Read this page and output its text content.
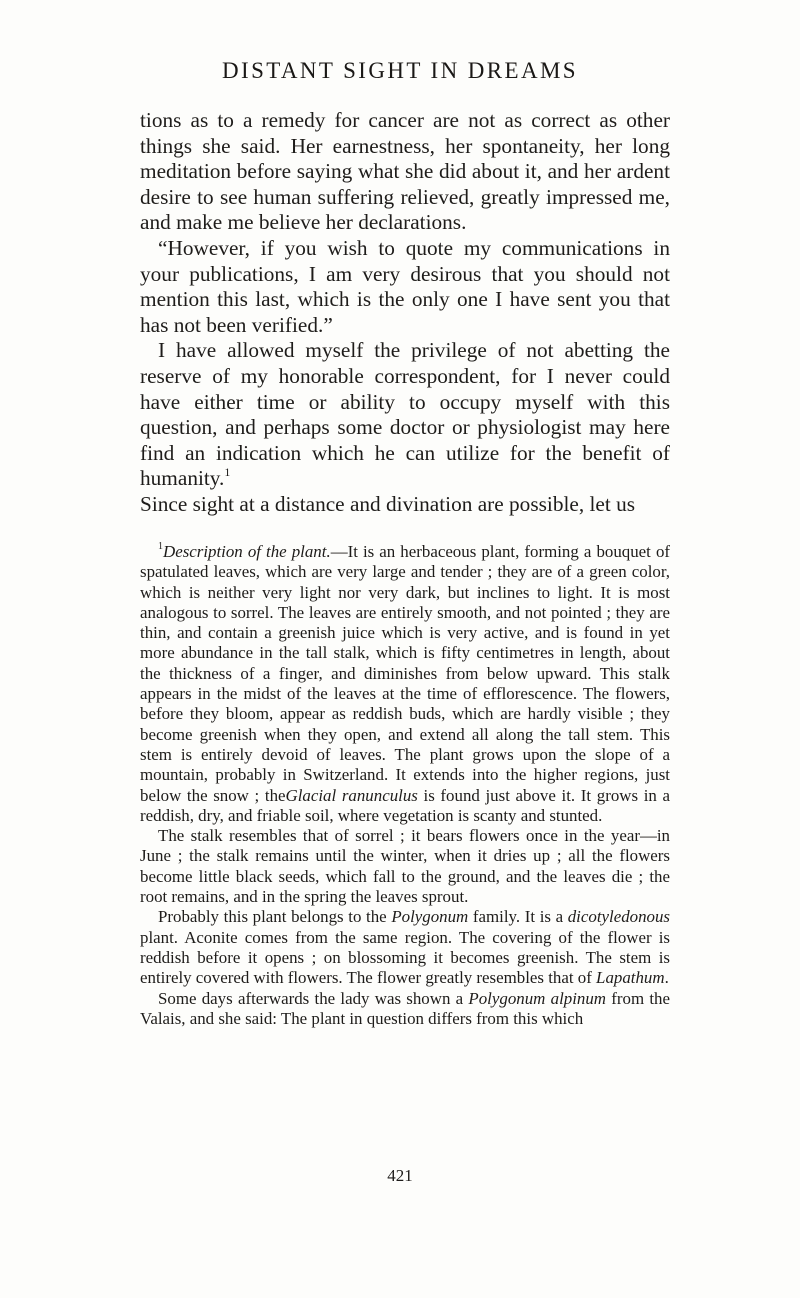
DISTANT SIGHT IN DREAMS

tions as to a remedy for cancer are not as correct as other things she said. Her earnestness, her spontaneity, her long meditation before saying what she did about it, and her ardent desire to see human suffering relieved, greatly impressed me, and make me believe her declarations.

“However, if you wish to quote my communications in your publications, I am very desirous that you should not mention this last, which is the only one I have sent you that has not been verified.”

I have allowed myself the privilege of not abetting the reserve of my honorable correspondent, for I never could have either time or ability to occupy myself with this question, and perhaps some doctor or physiologist may here find an indication which he can utilize for the benefit of humanity.$^1$

Since sight at a distance and divination are possible, let us

$^1$Description of the plant.—It is an herbaceous plant, forming a bouquet of spatulated leaves, which are very large and tender ; they are of a green color, which is neither very light nor very dark, but inclines to light. It is most analogous to sorrel. The leaves are entirely smooth, and not pointed ; they are thin, and contain a greenish juice which is very active, and is found in yet more abundance in the tall stalk, which is fifty centimetres in length, about the thickness of a finger, and diminishes from below upward. This stalk appears in the midst of the leaves at the time of efflorescence. The flowers, before they bloom, appear as reddish buds, which are hardly visible ; they become greenish when they open, and extend all along the tall stem. This stem is entirely devoid of leaves. The plant grows upon the slope of a mountain, probably in Switzerland. It extends into the higher regions, just below the snow ; theGlacial ranunculus is found just above it. It grows in a reddish, dry, and friable soil, where vegetation is scanty and stunted.

The stalk resembles that of sorrel ; it bears flowers once in the year—in June ; the stalk remains until the winter, when it dries up ; all the flowers become little black seeds, which fall to the ground, and the leaves die ; the root remains, and in the spring the leaves sprout.

Probably this plant belongs to the Polygonum family. It is a dicotyledonous plant. Aconite comes from the same region. The covering of the flower is reddish before it opens ; on blossoming it becomes greenish. The stem is entirely covered with flowers. The flower greatly resembles that of Lapathum.

Some days afterwards the lady was shown a Polygonum alpinum from the Valais, and she said: The plant in question differs from this which

421
